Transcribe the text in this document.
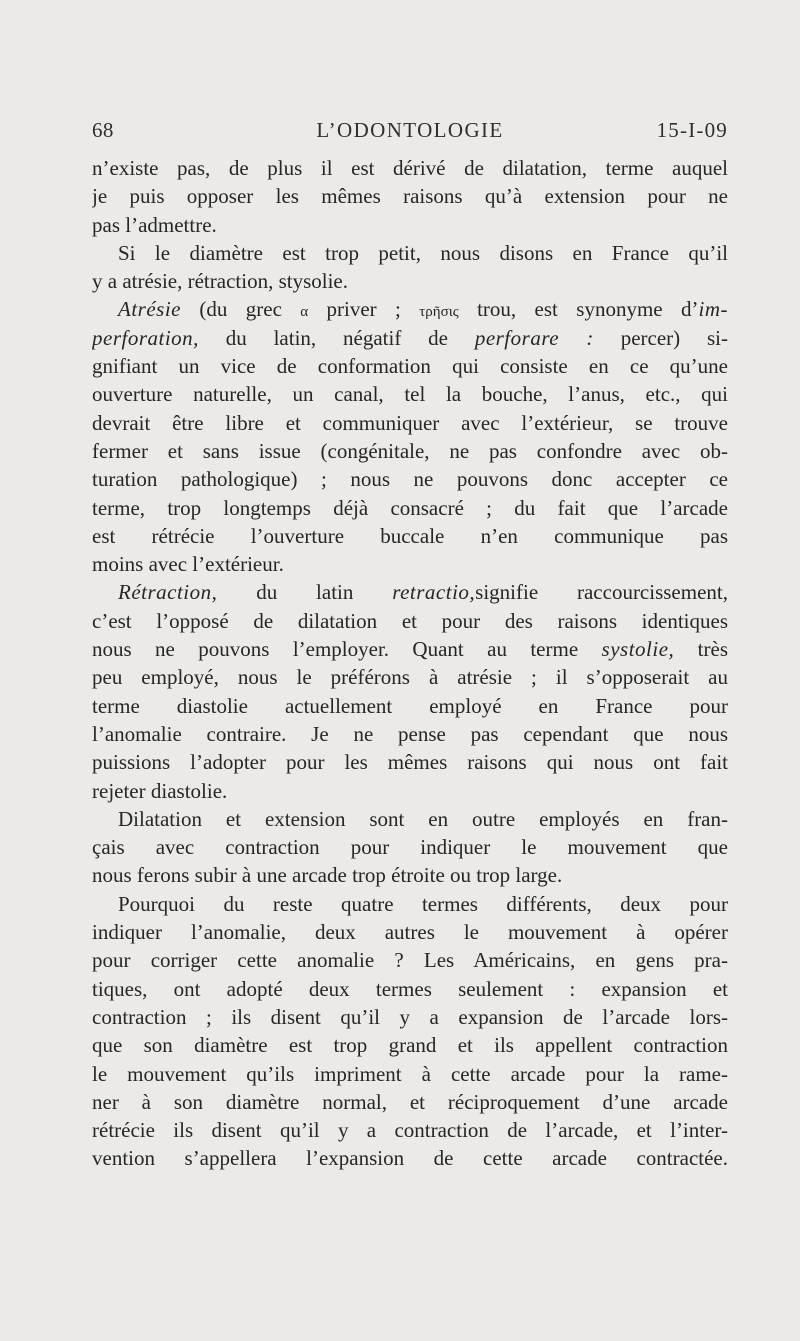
68	L’ODONTOLOGIE	15-I-09
n’existe pas, de plus il est dérivé de dilatation, terme auquel
je puis opposer les mêmes raisons qu’à extension pour ne
pas l’admettre.
Si le diamètre est trop petit, nous disons en France qu’il
y a atrésie, rétraction, stysolie.
Atrésie (du grec α priver ; τρῆσις trou, est synonyme d’im-
perforation, du latin, négatif de perforare : percer) si-
gnifiant un vice de conformation qui consiste en ce qu’une
ouverture naturelle, un canal, tel la bouche, l’anus, etc., qui
devrait être libre et communiquer avec l’extérieur, se trouve
fermer et sans issue (congénitale, ne pas confondre avec ob-
turation pathologique) ; nous ne pouvons donc accepter ce
terme, trop longtemps déjà consacré ; du fait que l’arcade
est rétrécie l’ouverture buccale n’en communique pas
moins avec l’extérieur.
Rétraction, du latin retractio,signifie raccourcissement,
c’est l’opposé de dilatation et pour des raisons identiques
nous ne pouvons l’employer. Quant au terme systolie, très
peu employé, nous le préférons à atrésie ; il s’opposerait au
terme diastolie actuellement employé en France pour
l’anomalie contraire. Je ne pense pas cependant que nous
puissions l’adopter pour les mêmes raisons qui nous ont fait
rejeter diastolie.
Dilatation et extension sont en outre employés en fran-
çais avec contraction pour indiquer le mouvement que
nous ferons subir à une arcade trop étroite ou trop large.
Pourquoi du reste quatre termes différents, deux pour
indiquer l’anomalie, deux autres le mouvement à opérer
pour corriger cette anomalie ? Les Américains, en gens pra-
tiques, ont adopté deux termes seulement : expansion et
contraction ; ils disent qu’il y a expansion de l’arcade lors-
que son diamètre est trop grand et ils appellent contraction
le mouvement qu’ils impriment à cette arcade pour la rame-
ner à son diamètre normal, et réciproquement d’une arcade
rétrécie ils disent qu’il y a contraction de l’arcade, et l’inter-
vention s’appellera l’expansion de cette arcade contractée.
